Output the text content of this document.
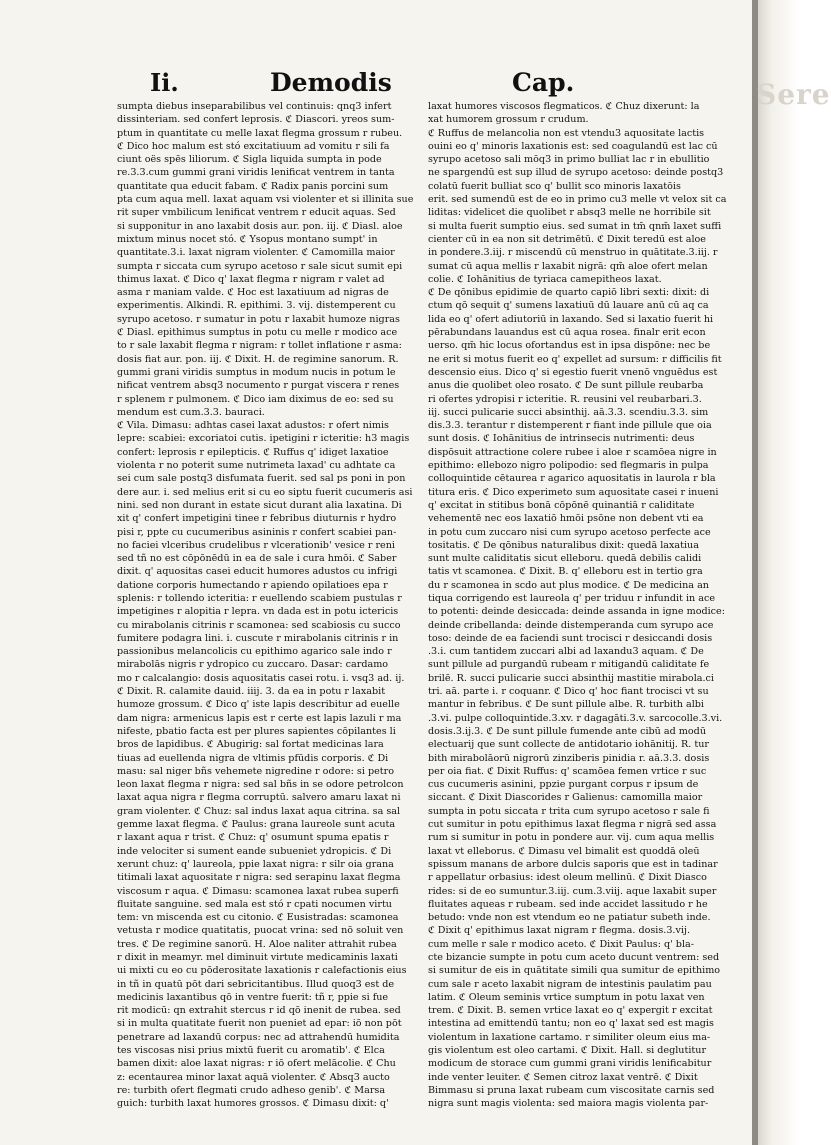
Ii.	Demodis	Cap.
sumpta diebus inseparabilibus vel continuis: qnq3 infert
dissinteriam. sed confert leprosis. ℭ Diascori. yreos sum-
ptum in quantitate cu melle laxat flegma grossum r rubeu.
ℭ Dico hoc malum est stó excitatiuum ad vomitu r sili fa
ciunt oës spēs liliorum. ℭ Sigla liquida sumpta in pode
re.3.3.cum gummi grani viridis lenificat ventrem in tanta
quantitate qua educit fabam. ℭ Radix panis porcini sum
pta cum aqua mell. laxat aquam vsi violenter et si illinita sue
rit super vmbilicum lenificat ventrem r educit aquas. Sed
si supponitur in ano laxabit dosis aur. pon. iij. ℭ Diasl. aloe
mixtum minus nocet stó. ℭ Ysopus montano sumpt' in
quantitate.3.i. laxat nigram violenter. ℭ Camomilla maior
sumpta r siccata cum syrupo acetoso r sale sicut sumit epi
thimus laxat. ℭ Dico q' laxat flegma r nigram r valet ad
asma r maniam valde. ℭ Hoc est laxatiuum ad nigras de
experimentis. Alkindi. R. epithimi. 3. vij. distemperent cu
syrupo acetoso. r sumatur in potu r laxabit humoze nigras
ℭ Diasl. epithimus sumptus in potu cu melle r modico ace
to r sale laxabit flegma r nigram: r tollet inflatione r asma:
dosis fiat aur. pon. iij. ℭ Dixit. H. de regimine sanorum. R.
gummi grani viridis sumptus in modum nucis in potum le
nificat ventrem absq3 nocumento r purgat viscera r renes
r splenem r pulmonem. ℭ Dico iam diximus de eo: sed su
mendum est cum.3.3. bauraci.
ℭ Vila. Dimasu: adhtas casei laxat adustos: r ofert nimis
lepre: scabiei: excoriatoi cutis. ipetigini r icteritie: h3 magis
confert: leprosis r epilepticis. ℭ Ruffus q' idiget laxatioe
violenta r no poterit sume nutrimeta laxad' cu adhtate ca
sei cum sale postq3 disfumata fuerit. sed sal ps poni in pon
dere aur. i. sed melius erit si cu eo siptu fuerit cucumeris asi
nini. sed non durant in estate sicut durant alia laxatina. Di
xit q' confert impetigini tinee r febribus diuturnis r hydro
pisi r, ppte cu cucumeribus asininis r confert scabiei pan-
no faciei vlceribus crudelibus r vlcerationib' vesice r reni
sed tñ no est cōpōnēdū in ea de sale i cura hmōi. ℭ Saber
dixit. q' aquositas casei educit humores adustos cu infrigi
datione corporis humectando r apiendo opilatioes epa r
splenis: r tollendo icteritia: r euellendo scabiem pustulas r
impetigines r alopitia r lepra. vn dada est in potu ictericis
cu mirabolanis citrinis r scamonea: sed scabiosis cu succo
fumitere podagra lini. i. cuscute r mirabolanis citrinis r in
passionibus melancolicis cu epithimo agarico sale indo r
mirabolās nigris r ydropico cu zuccaro. Dasar: cardamo
mo r calcalangio: dosis aquositatis casei rotu. i. vsq3 ad. ij.
ℭ Dixit. R. calamite dauid. iiij. 3. da ea in potu r laxabit
humoze grossum. ℭ Dico q' iste lapis describitur ad euelle
dam nigra: armenicus lapis est r certe est lapis lazuli r ma
nifeste, pbatio facta est per plures sapientes cōpilantes li
bros de lapidibus. ℭ Abugirig: sal fortat medicinas lara
tiuas ad euellenda nigra de vltimis pfūdis corporis. ℭ Di
masu: sal niger bñs vehemete nigredine r odore: si petro
leon laxat flegma r nigra: sed sal bñs in se odore petrolcon
laxat aqua nigra r flegma corruptū. salvero amaru laxat ni
gram violenter. ℭ Chuz: sal indus laxat aqua citrina. sa sal
gemme laxat flegma. ℭ Paulus: grana laureole sunt acuta
r laxant aqua r trist. ℭ Chuz: q' osumunt spuma epatis r
inde velociter si sument eande subueniet ydropicis. ℭ Di
xerunt chuz: q' laureola, ppie laxat nigra: r silr oia grana
titimali laxat aquositate r nigra: sed serapinu laxat flegma
viscosum r aqua. ℭ Dimasu: scamonea laxat rubea superfi
fluitate sanguine. sed mala est stó r cpati nocumen virtu
tem: vn miscenda est cu citonio. ℭ Eusistradas: scamonea
vetusta r modice quatitatis, puocat vrina: sed nō soluit ven
tres. ℭ De regimine sanorū. H. Aloe naliter attrahit rubea
r dixit in meamyr. mel diminuit virtute medicaminis laxati
ui mixti cu eo cu pōderositate laxationis r calefactionis eius
in tñ in quatū pōt dari sebricitantibus. Illud quoq3 est de
medicinis laxantibus qō in ventre fuerit: tñ r, ppie si fue
rit modicū: qn extrahit stercus r id qō inenit de rubea. sed
si in multa quatitate fuerit non pueniet ad epar: iō non pōt
penetrare ad laxandū corpus: nec ad attrahendū humidita
tes viscosas nisi prius mixtū fuerit cu aromatib'. ℭ Elca
bamen dixit: aloe laxat nigras: r iō ofert melācolie. ℭ Chu
z: ecentaurea minor laxat aquā violenter. ℭ Absq3 aucto
re: turbith ofert flegmati crudo adheso genib'. ℭ Marsa
guich: turbith laxat humores grossos. ℭ Dimasu dixit: q'
laxat humores viscosos flegmaticos. ℭ Chuz dixerunt: la
xat humorem grossum r crudum.
ℭ Ruffus de melancolia non est vtendu3 aquositate lactis
ouini eo q' minoris laxationis est: sed coagulandū est lac cū
syrupo acetoso sali mōq3 in primo bulliat lac r in ebullitio
ne spargendū est sup illud de syrupo acetoso: deinde postq3
colatū fuerit bulliat sco q' bullit sco minoris laxatōis
erit. sed sumendū est de eo in primo cu3 melle vt velox sit ca
liditas: videlicet die quolibet r absq3 melle ne horribile sit
si multa fuerit sumptio eius. sed sumat in tm̄ qnm̄ laxet suffi
cienter cū in ea non sit detrimētū. ℭ Dixit teredū est aloe
in pondere.3.iij. r miscendū cū menstruo in quātitate.3.iij. r
sumat cū aqua mellis r laxabit nigrā: qm̄ aloe ofert melan
colie. ℭ Iohānitius de tyriaca camepitheos laxat.
ℭ De qōnibus epidimie de quarto capiō libri sexti: dixit: di
ctum qō sequit q' sumens laxatiuū dū lauare anū cū aq ca
lida eo q' ofert adiutoriū in laxando. Sed si laxatio fuerit hi
pērabundans lauandus est cū aqua rosea. finalr erit econ
uerso. qm̄ hic locus ofortandus est in ipsa dispōne: nec be
ne erit si motus fuerit eo q' expellet ad sursum: r difficilis fit
descensio eius. Dico q' si egestio fuerit vnenō vnguēdus est
anus die quolibet oleo rosato. ℭ De sunt pillule reubarba
ri ofertes ydropisi r icteritie. R. reusini vel reubarbari.3.
iij. succi pulicarie succi absinthij. aā.3.3. scendiu.3.3. sim
dis.3.3. terantur r distemperent r fiant inde pillule que oia
sunt dosis. ℭ Iohānitius de intrinsecis nutrimenti: deus
dispōsuit attractione colere rubee i aloe r scamōea nigre in
epithimo: ellebozo nigro polipodio: sed flegmaris in pulpa
colloquintide cētaurea r agarico aquositatis in laurola r bla
titura eris. ℭ Dico experimeto sum aquositate casei r inueni
q' excitat in stitibus bonā cōpōnē quinantiā r caliditate
vehementē nec eos laxatiō hmōi psōne non debent vti ea
in potu cum zuccaro nisi cum syrupo acetoso perfecte ace
tositatis. ℭ De qōnibus naturalibus dixit: quedā laxatiua
sunt multe caliditatis sicut elleboru. quedā debilis calidi
tatis vt scamonea. ℭ Dixit. B. q' elleboru est in tertio gra
du r scamonea in scdo aut plus modice. ℭ De medicina an
tiqua corrigendo est laureola q' per triduu r infundit in ace
to potenti: deinde desiccada: deinde assanda in igne modice:
deinde cribellanda: deinde distemperanda cum syrupo ace
toso: deinde de ea faciendi sunt trocisci r desiccandi dosis
.3.i. cum tantidem zuccari albi ad laxandu3 aquam. ℭ De
sunt pillule ad purgandū rubeam r mitigandū caliditate fe
brilē. R. succi pulicarie succi absinthij mastitie mirabola.ci
tri. aā. parte i. r coquanr. ℭ Dico q' hoc fiant trocisci vt su
mantur in febribus. ℭ De sunt pillule albe. R. turbith albi
.3.vi. pulpe colloquintide.3.xv. r dagagāti.3.v. sarcocolle.3.vi.
dosis.3.ij.3. ℭ De sunt pillule fumende ante cibū ad modū
electuarij que sunt collecte de antidotario iohānitij. R. tur
bith mirabolāorū nigrorū zinziberis pinidia r. aā.3.3. dosis
per oia fiat. ℭ Dixit Ruffus: q' scamōea femen vrtice r suc
cus cucumeris asinini, ppzie purgant corpus r ipsum de
siccant. ℭ Dixit Diascorides r Galienus: camomilla maior
sumpta in potu siccata r trita cum syrupo acetoso r sale fi
cut sumitur in potu epithimus laxat flegma r nigrā sed assa
rum si sumitur in potu in pondere aur. vij. cum aqua mellis
laxat vt elleborus. ℭ Dimasu vel bimalit est quoddā oleū
spissum manans de arbore dulcis saporis que est in tadinar
r appellatur orbasius: idest oleum mellinū. ℭ Dixit Diasco
rides: si de eo sumuntur.3.iij. cum.3.viij. aque laxabit super
fluitates aqueas r rubeam. sed inde accidet lassitudo r he
betudo: vnde non est vtendum eo ne patiatur subeth inde.
ℭ Dixit q' epithimus laxat nigram r flegma. dosis.3.vij.
cum melle r sale r modico aceto. ℭ Dixit Paulus: q' bla-
cte bizancie sumpte in potu cum aceto ducunt ventrem: sed
si sumitur de eis in quātitate simili qua sumitur de epithimo
cum sale r aceto laxabit nigram de intestinis paulatim pau
latim. ℭ Oleum seminis vrtice sumptum in potu laxat ven
trem. ℭ Dixit. B. semen vrtice laxat eo q' expergit r excitat
intestina ad emittendū tantu; non eo q' laxat sed est magis
violentum in laxatione cartamo. r similiter oleum eius ma-
gis violentum est oleo cartami. ℭ Dixit. Hall. si deglutitur
modicum de storace cum gummi grani viridis lenificabitur
inde venter leuiter. ℭ Semen citroz laxat ventrē. ℭ Dixit
Bimmasu si pruna laxat rubeam cum viscositate carnis sed
nigra sunt magis violenta: sed maiora magis violenta par-
Sere
